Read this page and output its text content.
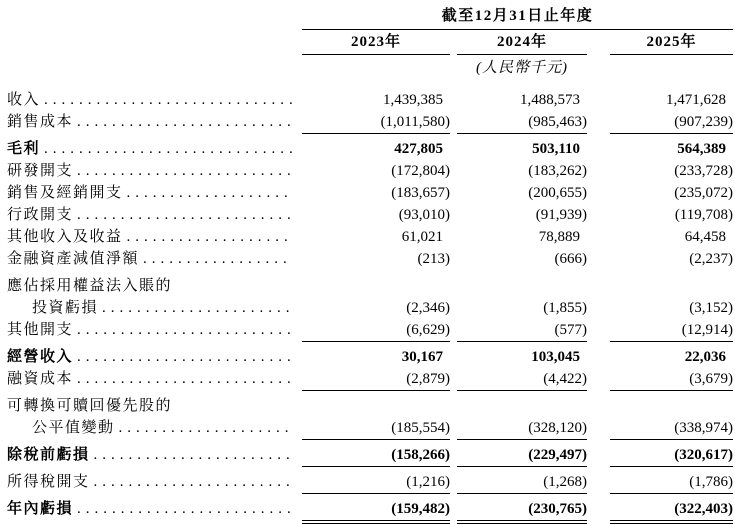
截至12月31日止年度
2023年	2024年	2025年
(人民幣千元)
收入 .....	1,439,385	1,488,573	1,471,628
銷售成本 .....	(1,011,580)	(985,463)	(907,239)
毛利 .....	427,805	503,110	564,389
研發開支 .....	(172,804)	(183,262)	(233,728)
銷售及經銷開支 .....	(183,657)	(200,655)	(235,072)
行政開支 .....	(93,010)	(91,939)	(119,708)
其他收入及收益 .....	61,021	78,889	64,458
金融資產減值淨額 .....	(213)	(666)	(2,237)
應佔採用權益法入賬的
投資虧損 .....	(2,346)	(1,855)	(3,152)
其他開支 .....	(6,629)	(577)	(12,914)
經營收入 .....	30,167	103,045	22,036
融資成本 .....	(2,879)	(4,422)	(3,679)
可轉換可贖回優先股的
公平值變動 .....	(185,554)	(328,120)	(338,974)
除稅前虧損 .....	(158,266)	(229,497)	(320,617)
所得稅開支 .....	(1,216)	(1,268)	(1,786)
年內虧損 .....	(159,482)	(230,765)	(322,403)
